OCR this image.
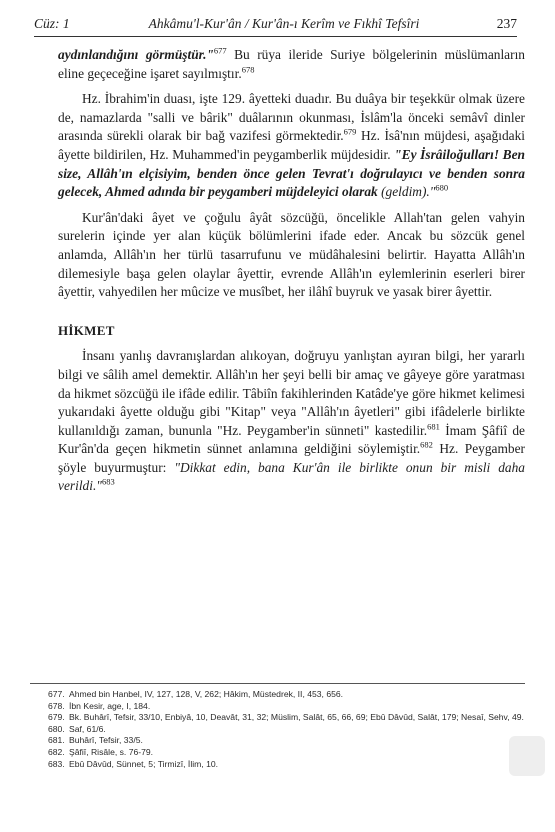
Cüz: 1	Ahkâmu'l-Kur'ân / Kur'ân-ı Kerîm ve Fıkhî Tefsîri	237

aydınlandığını görmüştür."$^{677}$ Bu rüya ileride Suriye bölgelerinin müslümanların eline geçeceğine işaret sayılmıştır.$^{678}$

Hz. İbrahim'in duası, işte 129. âyetteki duadır. Bu duâya bir teşekkür olmak üzere de, namazlarda "salli ve bârik" duâlarının okunması, İslâm'la önceki semâvî dinler arasında sürekli olarak bir bağ vazifesi görmektedir.$^{679}$ Hz. İsâ'nın müjdesi, aşağıdaki âyette bildirilen, Hz. Muhammed'in peygamberlik müjdesidir. "Ey İsrâiloğulları! Ben size, Allâh'ın elçisiyim, benden önce gelen Tevrat'ı doğrulayıcı ve benden sonra gelecek, Ahmed adında bir peygamberi müjdeleyici olarak (geldim)."$^{680}$

Kur'ân'daki âyet ve çoğulu âyât sözcüğü, öncelikle Allah'tan gelen vahyin surelerin içinde yer alan küçük bölümlerini ifade eder. Ancak bu sözcük genel anlamda, Allâh'ın her türlü tasarrufunu ve müdâhalesini belirtir. Hayatta Allâh'ın dilemesiyle başa gelen olaylar âyettir, evrende Allâh'ın eylemlerinin eserleri birer âyettir, vahyedilen her mûcize ve musîbet, her ilâhî buyruk ve yasak birer âyettir.

HİKMET

İnsanı yanlış davranışlardan alıkoyan, doğruyu yanlıştan ayıran bilgi, her yararlı bilgi ve sâlih amel demektir. Allâh'ın her şeyi belli bir amaç ve gâyeye göre yaratması da hikmet sözcüğü ile ifâde edilir. Tâbiîn fakihlerinden Katâde'ye göre hikmet kelimesi yukarıdaki âyette olduğu gibi "Kitap" veya "Allâh'ın âyetleri" gibi ifâdelerle birlikte kullanıldığı zaman, bununla "Hz. Peygamber'in sünneti" kastedilir.$^{681}$ İmam Şâfiî de Kur'ân'da geçen hikmetin sünnet anlamına geldiğini söylemiştir.$^{682}$ Hz. Peygamber şöyle buyurmuştur: "Dikkat edin, bana Kur'ân ile birlikte onun bir misli daha verildi."$^{683}$

677. Ahmed bin Hanbel, IV, 127, 128, V, 262; Hâkim, Müstedrek, II, 453, 656.
678. İbn Kesir, age, I, 184.
679. Bk. Buhârî, Tefsir, 33/10, Enbiyâ, 10, Deavât, 31, 32; Müslim, Salât, 65, 66, 69; Ebû Dâvûd, Salât, 179; Nesaî, Sehv, 49.
680. Saf, 61/6.
681. Buhârî, Tefsir, 33/5.
682. Şâfiî, Risâle, s. 76-79.
683. Ebû Dâvûd, Sünnet, 5; Tirmizî, İlim, 10.
